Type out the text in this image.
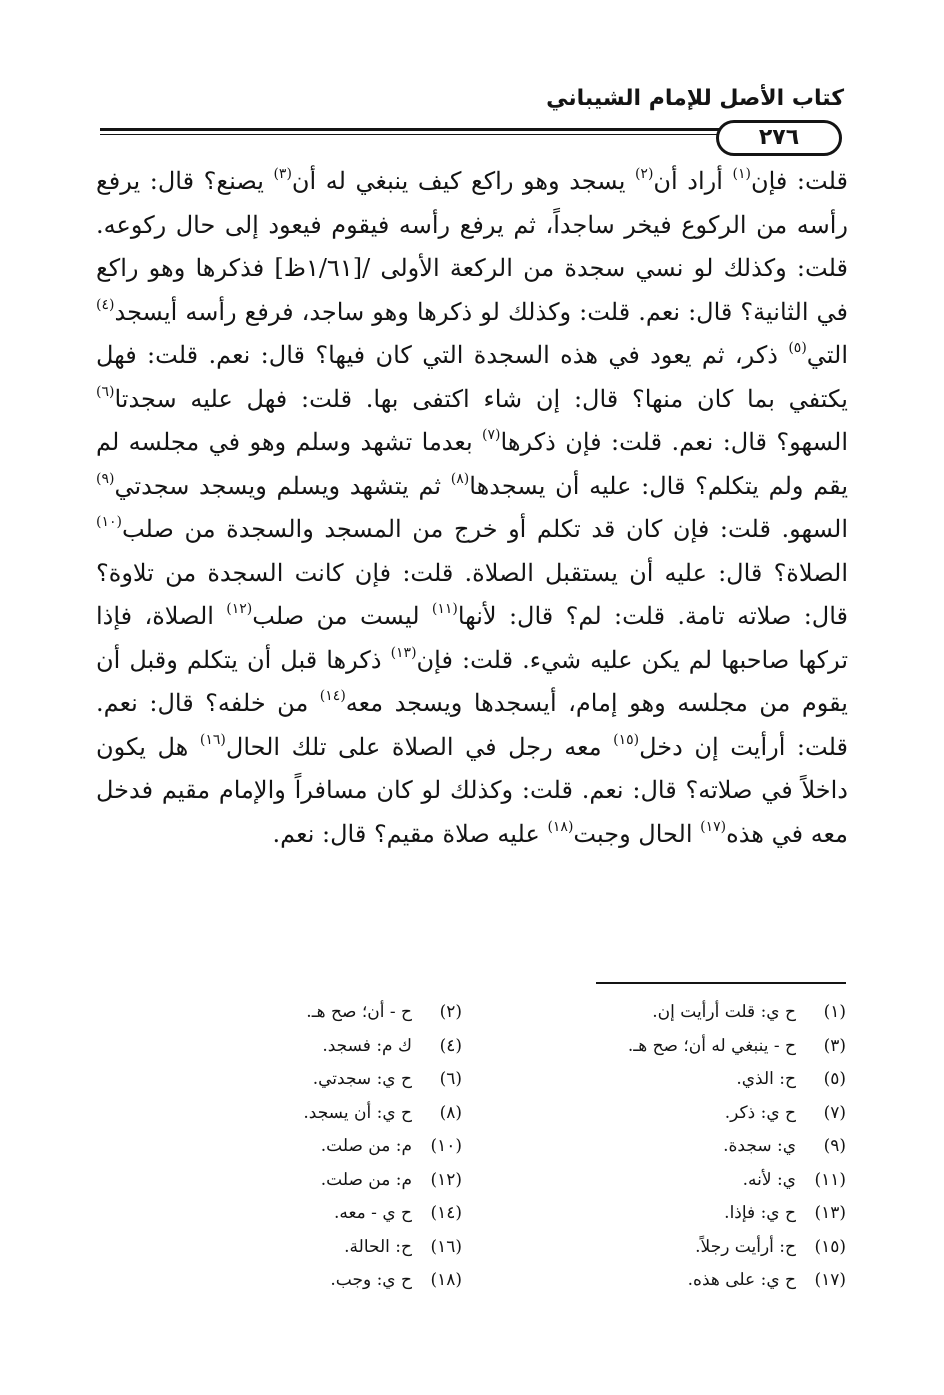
كتاب الأصل للإمام الشيباني
٢٧٦
قلت: فإن$^{(١)}$ أراد أن$^{(٢)}$ يسجد وهو راكع كيف ينبغي له أن$^{(٣)}$ يصنع؟ قال: يرفع رأسه من الركوع فيخر ساجداً، ثم يرفع رأسه فيقوم فيعود إلى حال ركوعه. قلت: وكذلك لو نسي سجدة من الركعة الأولى /[١/٦١ظ] فذكرها وهو راكع في الثانية؟ قال: نعم. قلت: وكذلك لو ذكرها وهو ساجد، فرفع رأسه أيسجد$^{(٤)}$ التي$^{(٥)}$ ذكر، ثم يعود في هذه السجدة التي كان فيها؟ قال: نعم. قلت: فهل يكتفي بما كان منها؟ قال: إن شاء اكتفى بها. قلت: فهل عليه سجدتا$^{(٦)}$ السهو؟ قال: نعم. قلت: فإن ذكرها$^{(٧)}$ بعدما تشهد وسلم وهو في مجلسه لم يقم ولم يتكلم؟ قال: عليه أن يسجدها$^{(٨)}$ ثم يتشهد ويسلم ويسجد سجدتي$^{(٩)}$ السهو. قلت: فإن كان قد تكلم أو خرج من المسجد والسجدة من صلب$^{(١٠)}$ الصلاة؟ قال: عليه أن يستقبل الصلاة. قلت: فإن كانت السجدة من تلاوة؟ قال: صلاته تامة. قلت: لم؟ قال: لأنها$^{(١١)}$ ليست من صلب$^{(١٢)}$ الصلاة، فإذا تركها صاحبها لم يكن عليه شيء. قلت: فإن$^{(١٣)}$ ذكرها قبل أن يتكلم وقبل أن يقوم من مجلسه وهو إمام، أيسجدها ويسجد معه$^{(١٤)}$ من خلفه؟ قال: نعم. قلت: أرأيت إن دخل$^{(١٥)}$ معه رجل في الصلاة على تلك الحال$^{(١٦)}$ هل يكون داخلاً في صلاته؟ قال: نعم. قلت: وكذلك لو كان مسافراً والإمام مقيم فدخل معه في هذه$^{(١٧)}$ الحال وجبت$^{(١٨)}$ عليه صلاة مقيم؟ قال: نعم.
(١)ح ي: قلت أرأيت إن.
(٣)ح - ينبغي له أن؛ صح هـ.
(٥)ح: الذي.
(٧)ح ي: ذكر.
(٩)ي: سجدة.
(١١)ي: لأنه.
(١٣)ح ي: فإذا.
(١٥)ح: أرأيت رجلاً.
(١٧)ح ي: على هذه.
(٢)ح - أن؛ صح هـ.
(٤)ك م: فسجد.
(٦)ح ي: سجدتي.
(٨)ح ي: أن يسجد.
(١٠)م: من صلت.
(١٢)م: من صلت.
(١٤)ح ي - معه.
(١٦)ح: الحالة.
(١٨)ح ي: وجب.
